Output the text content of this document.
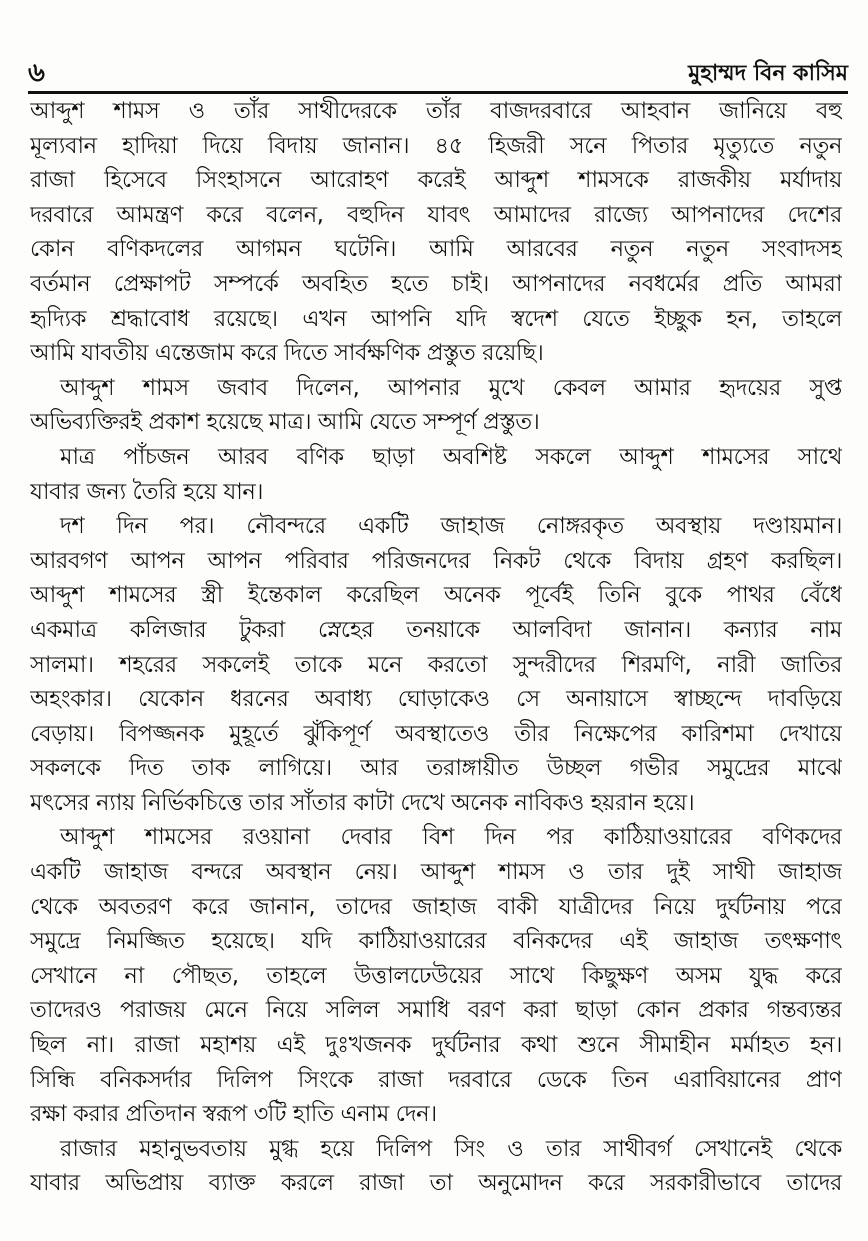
৬	মুহাম্মদ বিন কাসিম
আব্দুশ শামস ও তাঁর সাথীদেরকে তাঁর বাজদরবারে আহবান জানিয়ে বহু
মূল্যবান হাদিয়া দিয়ে বিদায় জানান। ৪৫ হিজরী সনে পিতার মৃত্যুতে নতুন
রাজা হিসেবে সিংহাসনে আরোহণ করেই আব্দুশ শামসকে রাজকীয় মর্যাদায়
দরবারে আমন্ত্রণ করে বলেন, বহুদিন যাবৎ আমাদের রাজ্যে আপনাদের দেশের
কোন বণিকদলের আগমন ঘটেনি। আমি আরবের নতুন নতুন সংবাদসহ
বর্তমান প্রেক্ষাপট সম্পর্কে অবহিত হতে চাই। আপনাদের নবধর্মের প্রতি আমরা
হৃদ্যিক শ্রদ্ধাবোধ রয়েছে। এখন আপনি যদি স্বদেশ যেতে ইচ্ছুক হন, তাহলে
আমি যাবতীয় এন্তেজাম করে দিতে সার্বক্ষণিক প্রস্তুত রয়েছি।
আব্দুশ শামস জবাব দিলেন, আপনার মুখে কেবল আমার হৃদয়ের সুপ্ত
অভিব্যক্তিরই প্রকাশ হয়েছে মাত্র। আমি যেতে সম্পূর্ণ প্রস্তুত।
মাত্র পাঁচজন আরব বণিক ছাড়া অবশিষ্ট সকলে আব্দুশ শামসের সাথে
যাবার জন্য তৈরি হয়ে যান।
দশ দিন পর। নৌবন্দরে একটি জাহাজ নোঙ্গরকৃত অবস্থায় দণ্ডায়মান।
আরবগণ আপন আপন পরিবার পরিজনদের নিকট থেকে বিদায় গ্রহণ করছিল।
আব্দুশ শামসের স্ত্রী ইন্তেকাল করেছিল অনেক পূর্বেই তিনি বুকে পাথর বেঁধে
একমাত্র কলিজার টুকরা স্নেহের তনয়াকে আলবিদা জানান। কন্যার নাম
সালমা। শহরের সকলেই তাকে মনে করতো সুন্দরীদের শিরমণি, নারী জাতির
অহংকার। যেকোন ধরনের অবাধ্য ঘোড়াকেও সে অনায়াসে স্বাচ্ছন্দে দাবড়িয়ে
বেড়ায়। বিপজ্জনক মুহূর্তে ঝুঁকিপূর্ণ অবস্থাতেও তীর নিক্ষেপের কারিশমা দেখায়ে
সকলকে দিত তাক লাগিয়ে। আর তরাঙ্গায়ীত উচ্ছল গভীর সমুদ্রের মাঝে
মৎসের ন্যায় নির্ভিকচিত্তে তার সাঁতার কাটা দেখে অনেক নাবিকও হয়রান হয়ে।
আব্দুশ শামসের রওয়ানা দেবার বিশ দিন পর কাঠিয়াওয়ারের বণিকদের
একটি জাহাজ বন্দরে অবস্থান নেয়। আব্দুশ শামস ও তার দুই সাথী জাহাজ
থেকে অবতরণ করে জানান, তাদের জাহাজ বাকী যাত্রীদের নিয়ে দুর্ঘটনায় পরে
সমুদ্রে নিমজ্জিত হয়েছে। যদি কাঠিয়াওয়ারের বনিকদের এই জাহাজ তৎক্ষণাৎ
সেখানে না পৌছত, তাহলে উত্তালঢেউয়ের সাথে কিছুক্ষণ অসম যুদ্ধ করে
তাদেরও পরাজয় মেনে নিয়ে সলিল সমাধি বরণ করা ছাড়া কোন প্রকার গন্তব্যন্তর
ছিল না। রাজা মহাশয় এই দুঃখজনক দুর্ঘটনার কথা শুনে সীমাহীন মর্মাহত হন।
সিন্ধি বনিকসর্দার দিলিপ সিংকে রাজা দরবারে ডেকে তিন এরাবিয়ানের প্রাণ
রক্ষা করার প্রতিদান স্বরূপ ৩টি হাতি এনাম দেন।
রাজার মহানুভবতায় মুগ্ধ হয়ে দিলিপ সিং ও তার সাথীবর্গ সেখানেই থেকে
যাবার অভিপ্রায় ব্যাক্ত করলে রাজা তা অনুমোদন করে সরকারীভাবে তাদের
